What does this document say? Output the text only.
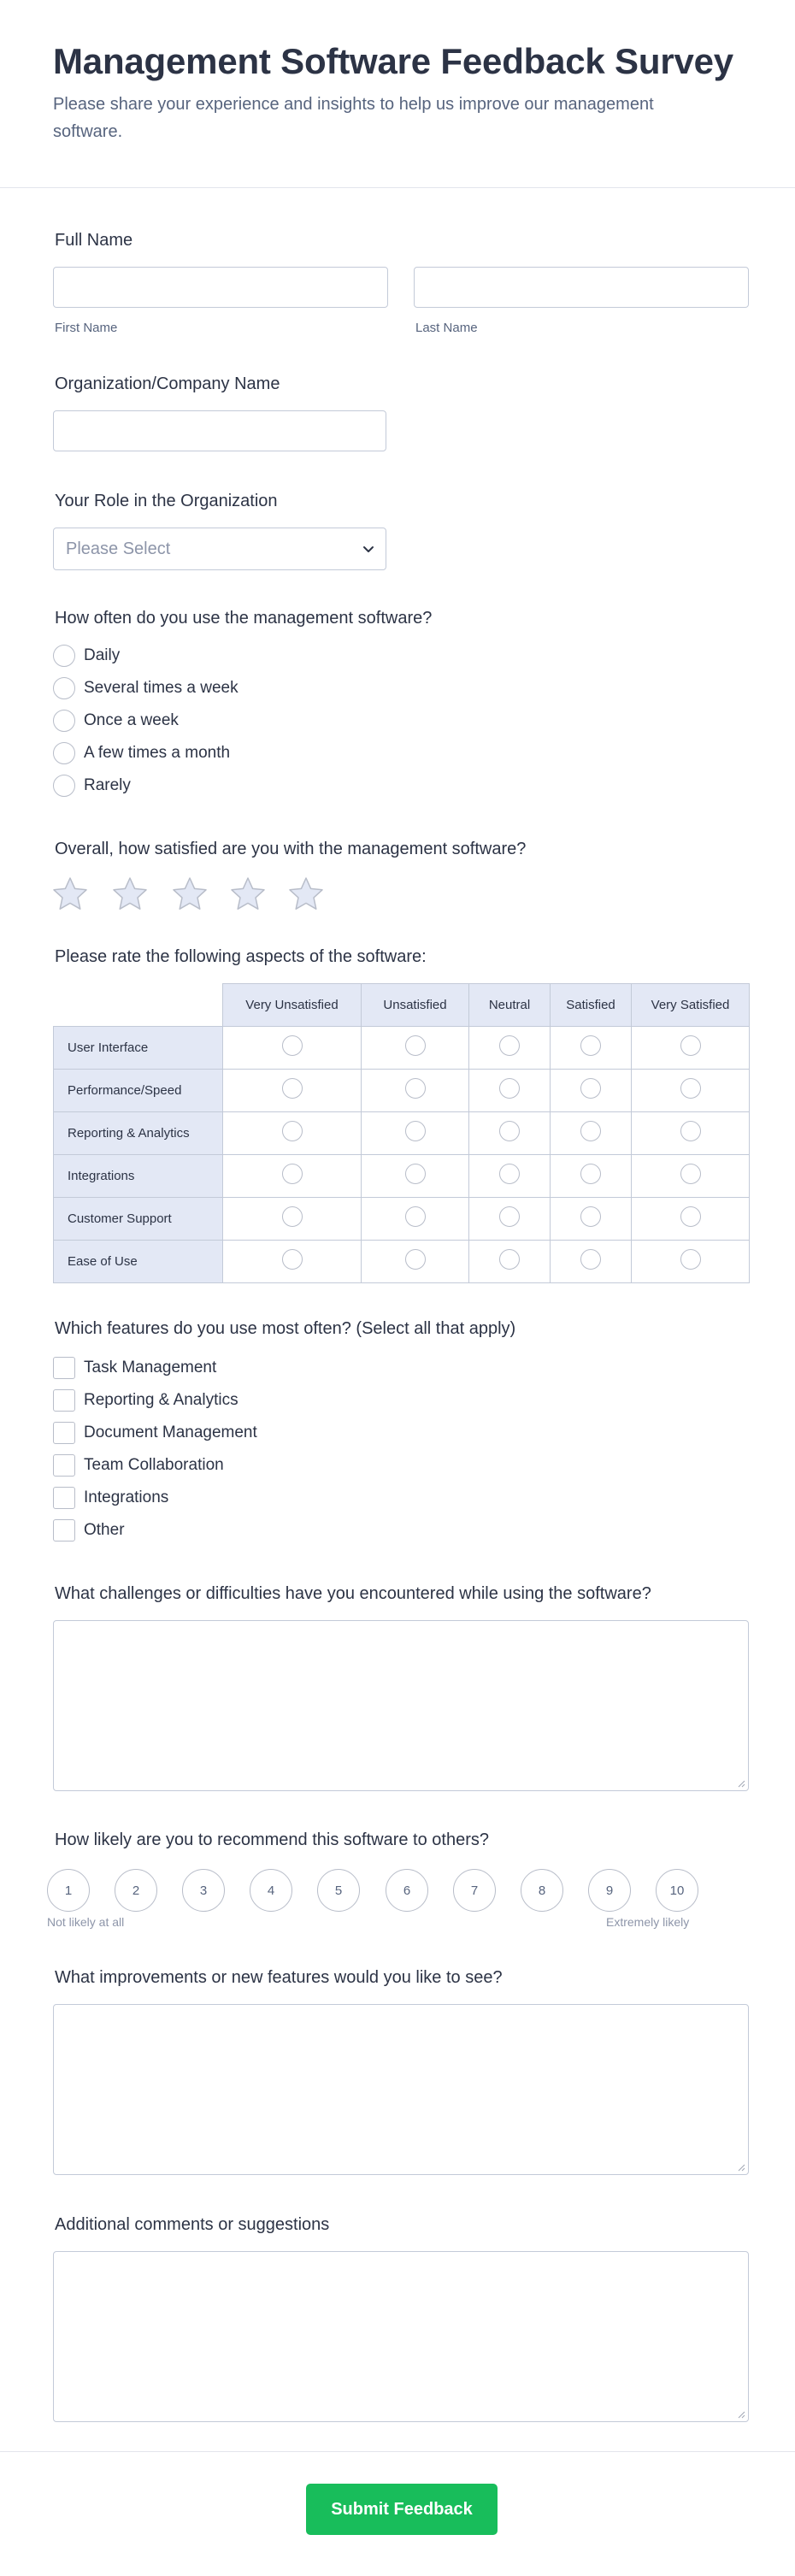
Management Software Feedback Survey
Please share your experience and insights to help us improve our management software.
Full Name
First Name	Last Name
Organization/Company Name
Your Role in the Organization
Please Select
How often do you use the management software?
Daily
Several times a week
Once a week
A few times a month
Rarely
Overall, how satisfied are you with the management software?
Please rate the following aspects of the software:
	Very Unsatisfied	Unsatisfied	Neutral	Satisfied	Very Satisfied
User Interface					
Performance/Speed					
Reporting & Analytics					
Integrations					
Customer Support					
Ease of Use					
Which features do you use most often? (Select all that apply)
Task Management
Reporting & Analytics
Document Management
Team Collaboration
Integrations
Other
What challenges or difficulties have you encountered while using the software?
How likely are you to recommend this software to others?
1	2	3	4	5	6	7	8	9	10
Not likely at all	Extremely likely
What improvements or new features would you like to see?
Additional comments or suggestions
Submit Feedback
